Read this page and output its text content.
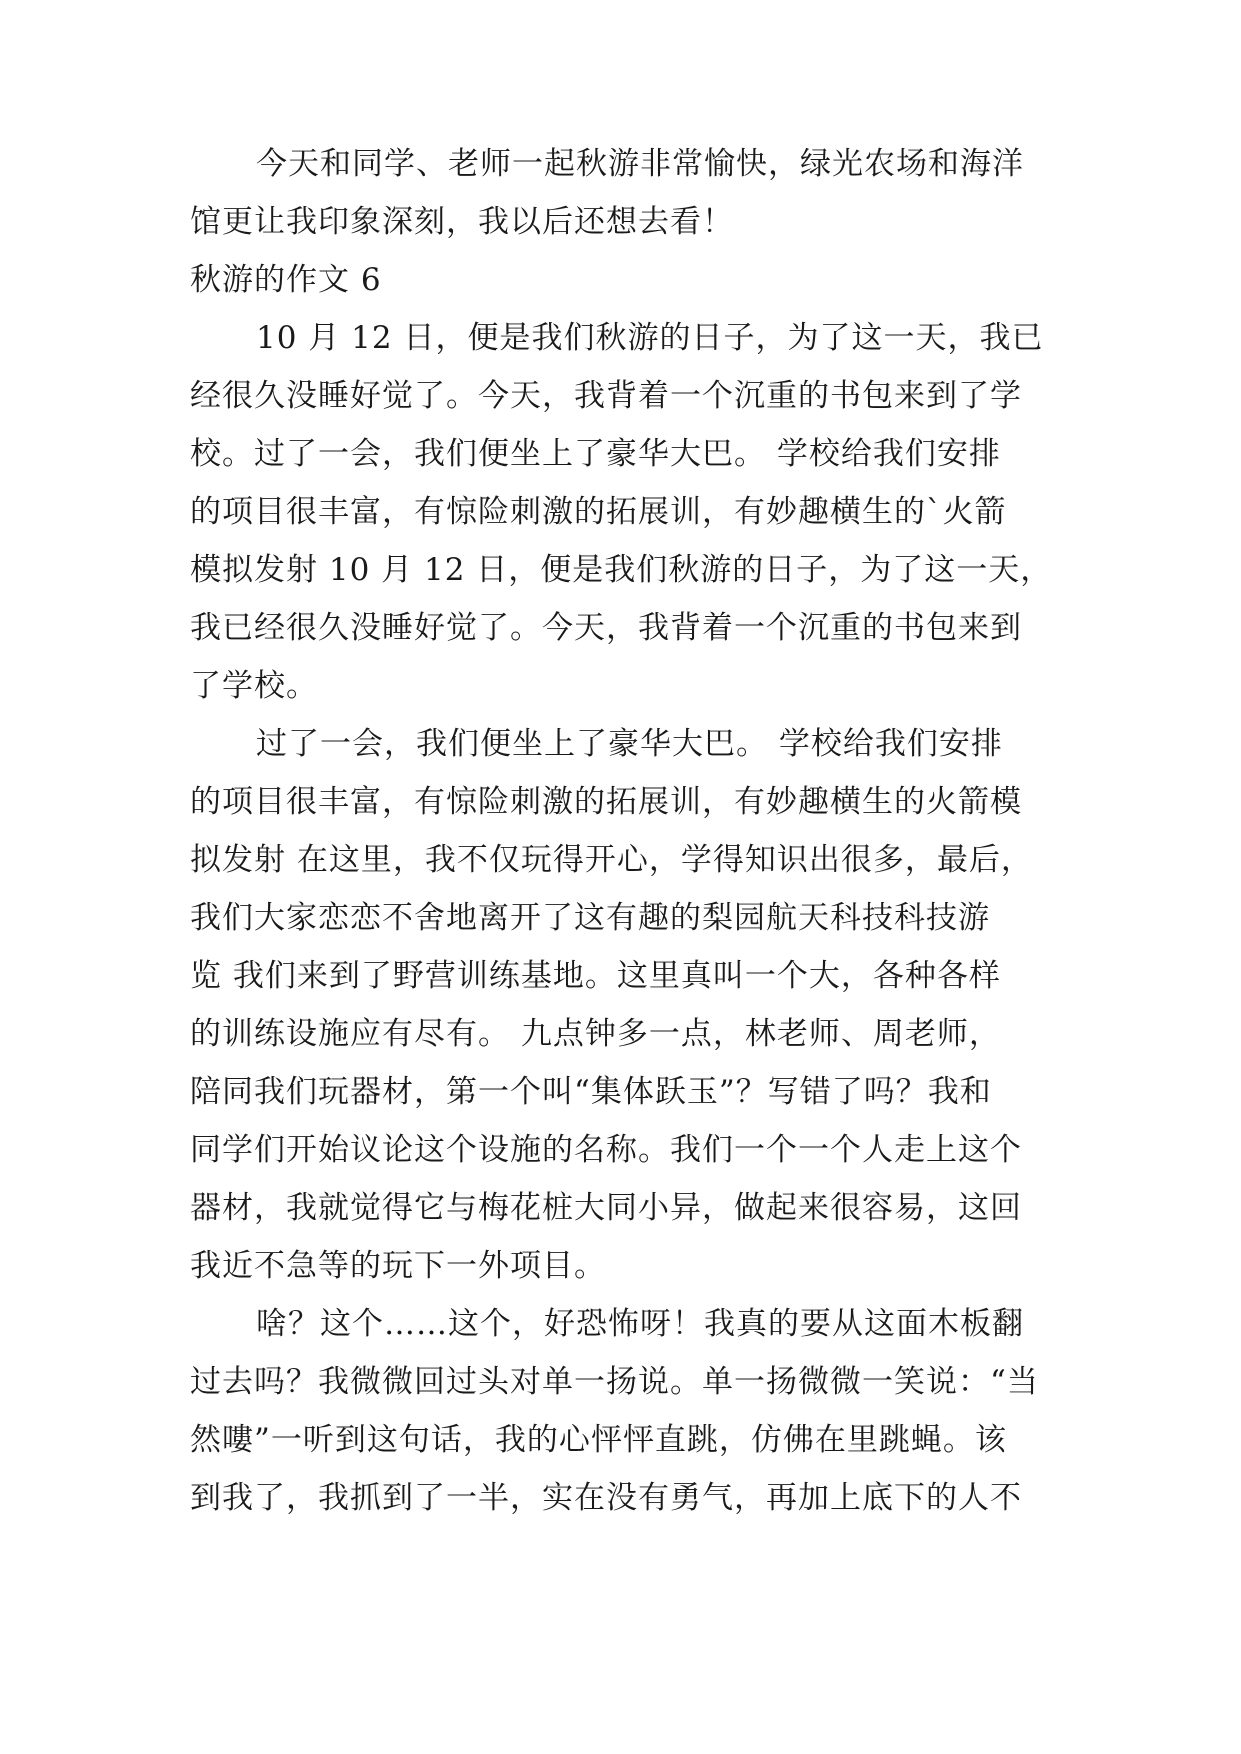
今天和同学、老师一起秋游非常愉快，绿光农场和海洋
馆更让我印象深刻，我以后还想去看！
秋游的作文 6
10 月 12 日，便是我们秋游的日子，为了这一天，我已
经很久没睡好觉了。今天，我背着一个沉重的书包来到了学
校。过了一会，我们便坐上了豪华大巴。 学校给我们安排
的项目很丰富，有惊险刺激的拓展训，有妙趣横生的`火箭
模拟发射 10 月 12 日，便是我们秋游的日子，为了这一天，
我已经很久没睡好觉了。今天，我背着一个沉重的书包来到
了学校。
过了一会，我们便坐上了豪华大巴。 学校给我们安排
的项目很丰富，有惊险刺激的拓展训，有妙趣横生的火箭模
拟发射 在这里，我不仅玩得开心，学得知识出很多，最后，
我们大家恋恋不舍地离开了这有趣的梨园航天科技科技游
览 我们来到了野营训练基地。这里真叫一个大，各种各样
的训练设施应有尽有。 九点钟多一点，林老师、周老师，
陪同我们玩器材，第一个叫“集体跃玉”？写错了吗？我和
同学们开始议论这个设施的名称。我们一个一个人走上这个
器材，我就觉得它与梅花桩大同小异，做起来很容易，这回
我近不急等的玩下一外项目。
啥？这个……这个，好恐怖呀！我真的要从这面木板翻
过去吗？我微微回过头对单一扬说。单一扬微微一笑说：“当
然嘍”一听到这句话，我的心怦怦直跳，仿佛在里跳蝇。该
到我了，我抓到了一半，实在没有勇气，再加上底下的人不
